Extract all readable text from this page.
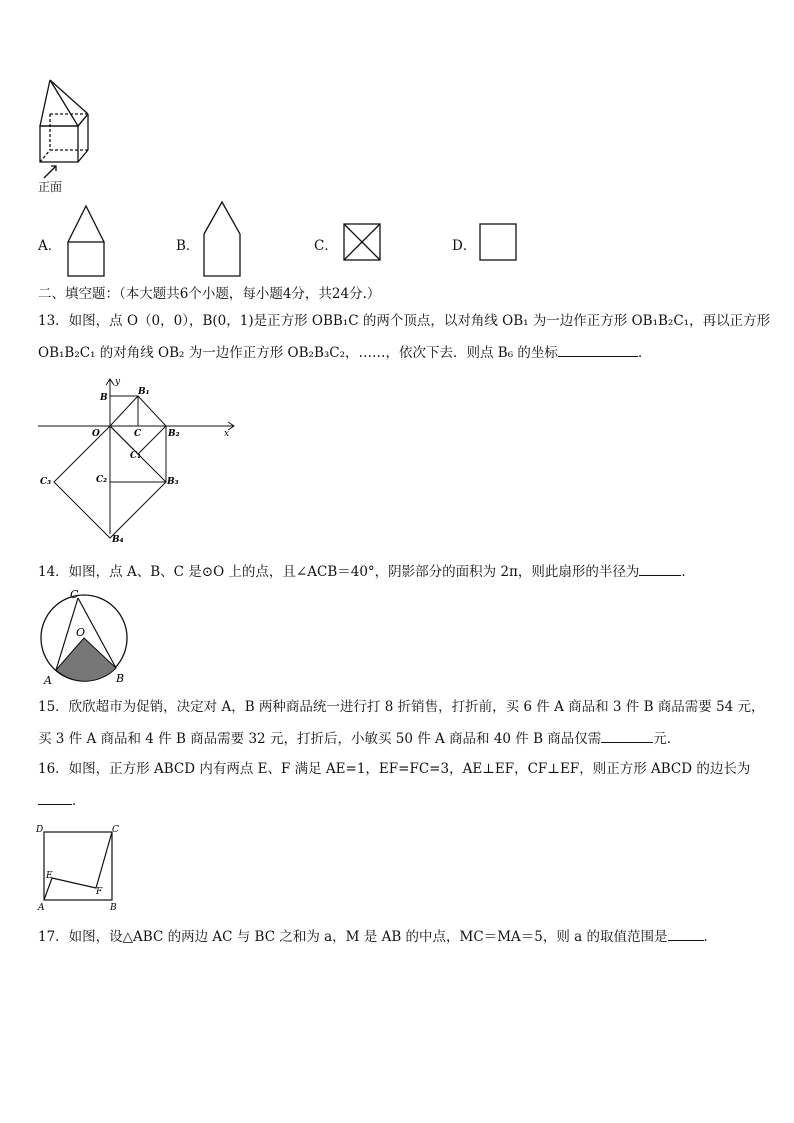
正面
A．	B．	C．	D．
二、填空题：（本大题共6个小题，每小题4分，共24分.）
13．如图，点 O（0，0），B(0，1)是正方形 OBB₁C 的两个顶点，以对角线 OB₁ 为一边作正方形 OB₁B₂C₁，再以正方形
OB₁B₂C₁ 的对角线 OB₂ 为一边作正方形 OB₂B₃C₂，……，依次下去．则点 B₆ 的坐标	．
y
x
O
B
B₁
C	B₂
C₁
C₂	B₃
C₃
B₄
14．如图，点 A、B、C 是⊙O 上的点，且∠ACB＝40°，阴影部分的面积为 2π，则此扇形的半径为	．
C
O
A	B
15．欣欣超市为促销，决定对 A，B 两种商品统一进行打 8 折销售，打折前，买 6 件 A 商品和 3 件 B 商品需要 54 元，
买 3 件 A 商品和 4 件 B 商品需要 32 元，打折后，小敏买 50 件 A 商品和 40 件 B 商品仅需	元．
16．如图，正方形 ABCD 内有两点 E、F 满足 AE=1，EF=FC=3，AE⊥EF，CF⊥EF，则正方形 ABCD 的边长为
．
D	C
E
F
A	B
17．如图，设△ABC 的两边 AC 与 BC 之和为 a，M 是 AB 的中点，MC＝MA＝5，则 a 的取值范围是	．
